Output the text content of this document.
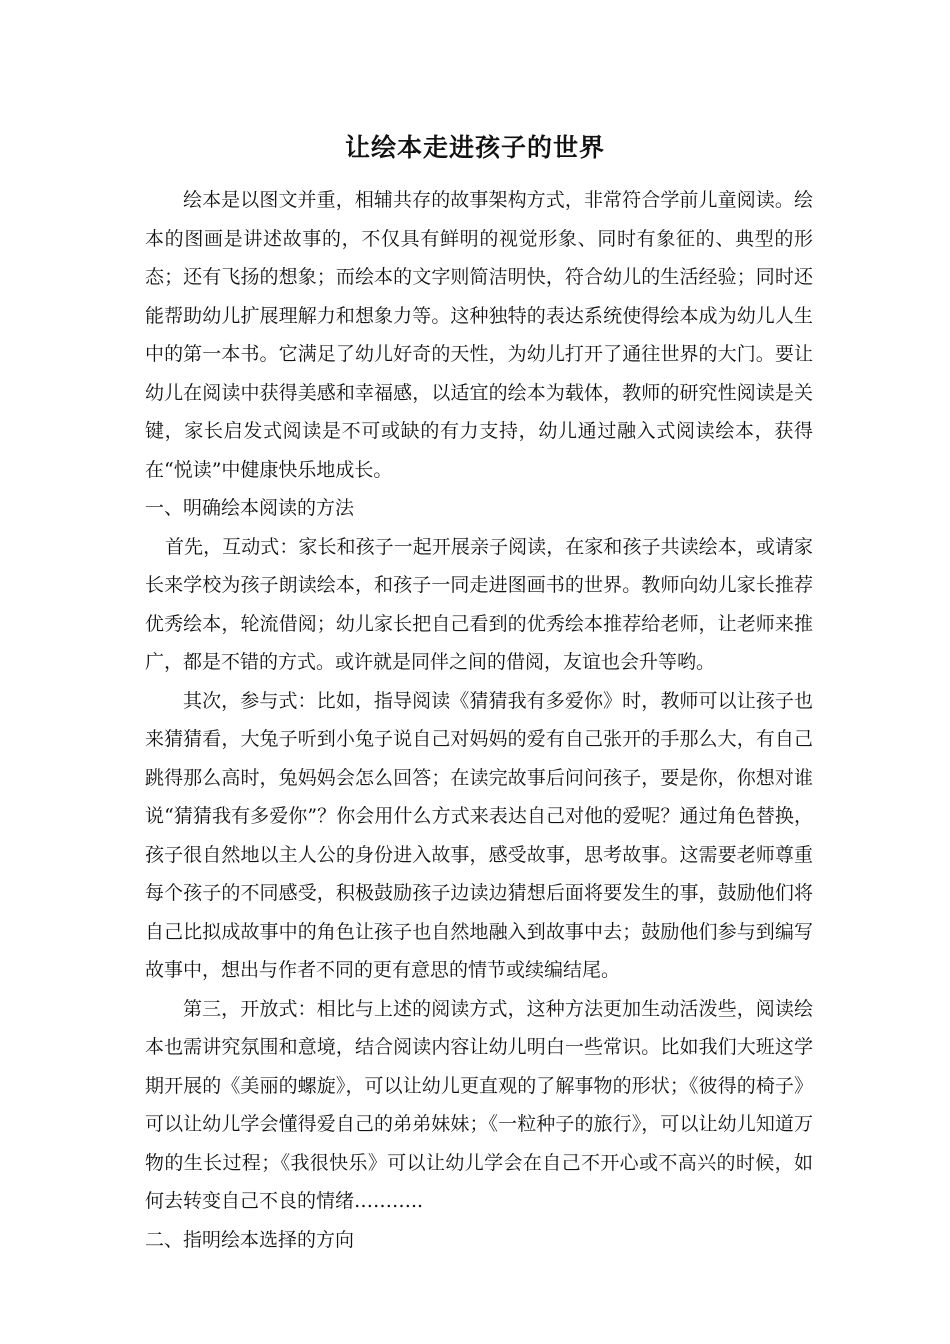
让绘本走进孩子的世界

绘本是以图文并重，相辅共存的故事架构方式，非常符合学前儿童阅读。绘本的图画是讲述故事的，不仅具有鲜明的视觉形象、同时有象征的、典型的形态；还有飞扬的想象；而绘本的文字则简洁明快，符合幼儿的生活经验；同时还能帮助幼儿扩展理解力和想象力等。这种独特的表达系统使得绘本成为幼儿人生中的第一本书。它满足了幼儿好奇的天性，为幼儿打开了通往世界的大门。要让幼儿在阅读中获得美感和幸福感，以适宜的绘本为载体，教师的研究性阅读是关键，家长启发式阅读是不可或缺的有力支持，幼儿通过融入式阅读绘本，获得在“悦读”中健康快乐地成长。

一、明确绘本阅读的方法

首先，互动式：家长和孩子一起开展亲子阅读，在家和孩子共读绘本，或请家长来学校为孩子朗读绘本，和孩子一同走进图画书的世界。教师向幼儿家长推荐优秀绘本，轮流借阅；幼儿家长把自己看到的优秀绘本推荐给老师，让老师来推广，都是不错的方式。或许就是同伴之间的借阅，友谊也会升等哟。

其次，参与式：比如，指导阅读《猜猜我有多爱你》时，教师可以让孩子也来猜猜看，大兔子听到小兔子说自己对妈妈的爱有自己张开的手那么大，有自己跳得那么高时，兔妈妈会怎么回答；在读完故事后问问孩子，要是你，你想对谁说“猜猜我有多爱你”？你会用什么方式来表达自己对他的爱呢？通过角色替换，孩子很自然地以主人公的身份进入故事，感受故事，思考故事。这需要老师尊重每个孩子的不同感受，积极鼓励孩子边读边猜想后面将要发生的事，鼓励他们将自己比拟成故事中的角色让孩子也自然地融入到故事中去；鼓励他们参与到编写故事中，想出与作者不同的更有意思的情节或续编结尾。

第三，开放式：相比与上述的阅读方式，这种方法更加生动活泼些，阅读绘本也需讲究氛围和意境，结合阅读内容让幼儿明白一些常识。比如我们大班这学期开展的《美丽的螺旋》，可以让幼儿更直观的了解事物的形状；《彼得的椅子》可以让幼儿学会懂得爱自己的弟弟妹妹；《一粒种子的旅行》，可以让幼儿知道万物的生长过程；《我很快乐》可以让幼儿学会在自己不开心或不高兴的时候，如何去转变自己不良的情绪………..

二、指明绘本选择的方向
